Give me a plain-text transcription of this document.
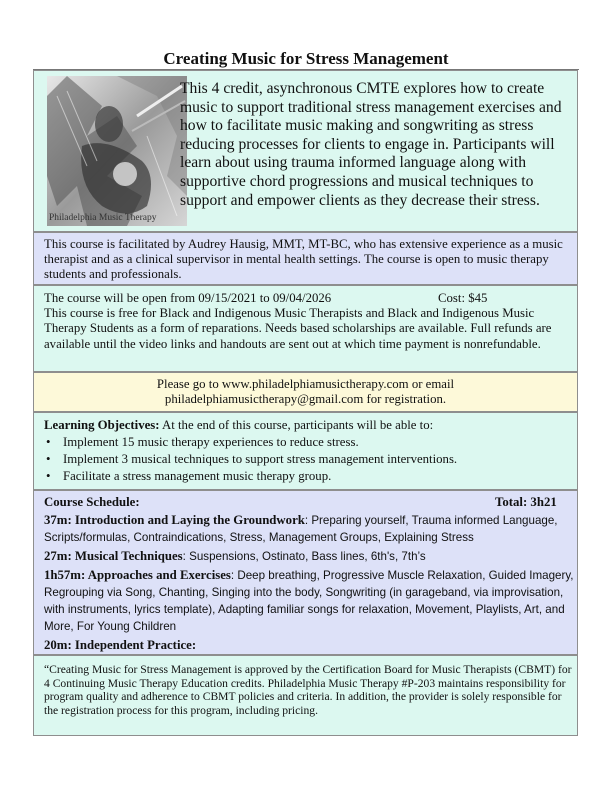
Creating Music for Stress Management
Philadelphia Music Therapy
This 4 credit, asynchronous CMTE explores how to create music to support traditional stress management exercises and how to facilitate music making and songwriting as stress reducing processes for clients to engage in. Participants will learn about using trauma informed language along with supportive chord progressions and musical techniques to support and empower clients as they decrease their stress.
This course is facilitated by Audrey Hausig, MMT, MT-BC, who has extensive experience as a music therapist and as a clinical supervisor in mental health settings. The course is open to music therapy students and professionals.
The course will be open from 09/15/2021 to 09/04/2026	Cost: $45
This course is free for Black and Indigenous Music Therapists and Black and Indigenous Music Therapy Students as a form of reparations. Needs based scholarships are available. Full refunds are available until the video links and handouts are sent out at which time payment is nonrefundable.
Please go to www.philadelphiamusictherapy.com or email
philadelphiamusictherapy@gmail.com for registration.
Learning Objectives: At the end of this course, participants will be able to:
• Implement 15 music therapy experiences to reduce stress.
• Implement 3 musical techniques to support stress management interventions.
• Facilitate a stress management music therapy group.
Course Schedule:	Total: 3h21
37m: Introduction and Laying the Groundwork: Preparing yourself, Trauma informed Language, Scripts/formulas, Contraindications, Stress, Management Groups, Explaining Stress
27m: Musical Techniques: Suspensions, Ostinato, Bass lines, 6th's, 7th’s
1h57m: Approaches and Exercises: Deep breathing, Progressive Muscle Relaxation, Guided Imagery, Regrouping via Song, Chanting, Singing into the body, Songwriting (in garageband, via improvisation, with instruments, lyrics template), Adapting familiar songs for relaxation, Movement, Playlists, Art, and More, For Young Children
20m: Independent Practice:
“Creating Music for Stress Management is approved by the Certification Board for Music Therapists (CBMT) for 4 Continuing Music Therapy Education credits. Philadelphia Music Therapy #P-203 maintains responsibility for program quality and adherence to CBMT policies and criteria. In addition, the provider is solely responsible for the registration process for this program, including pricing.
